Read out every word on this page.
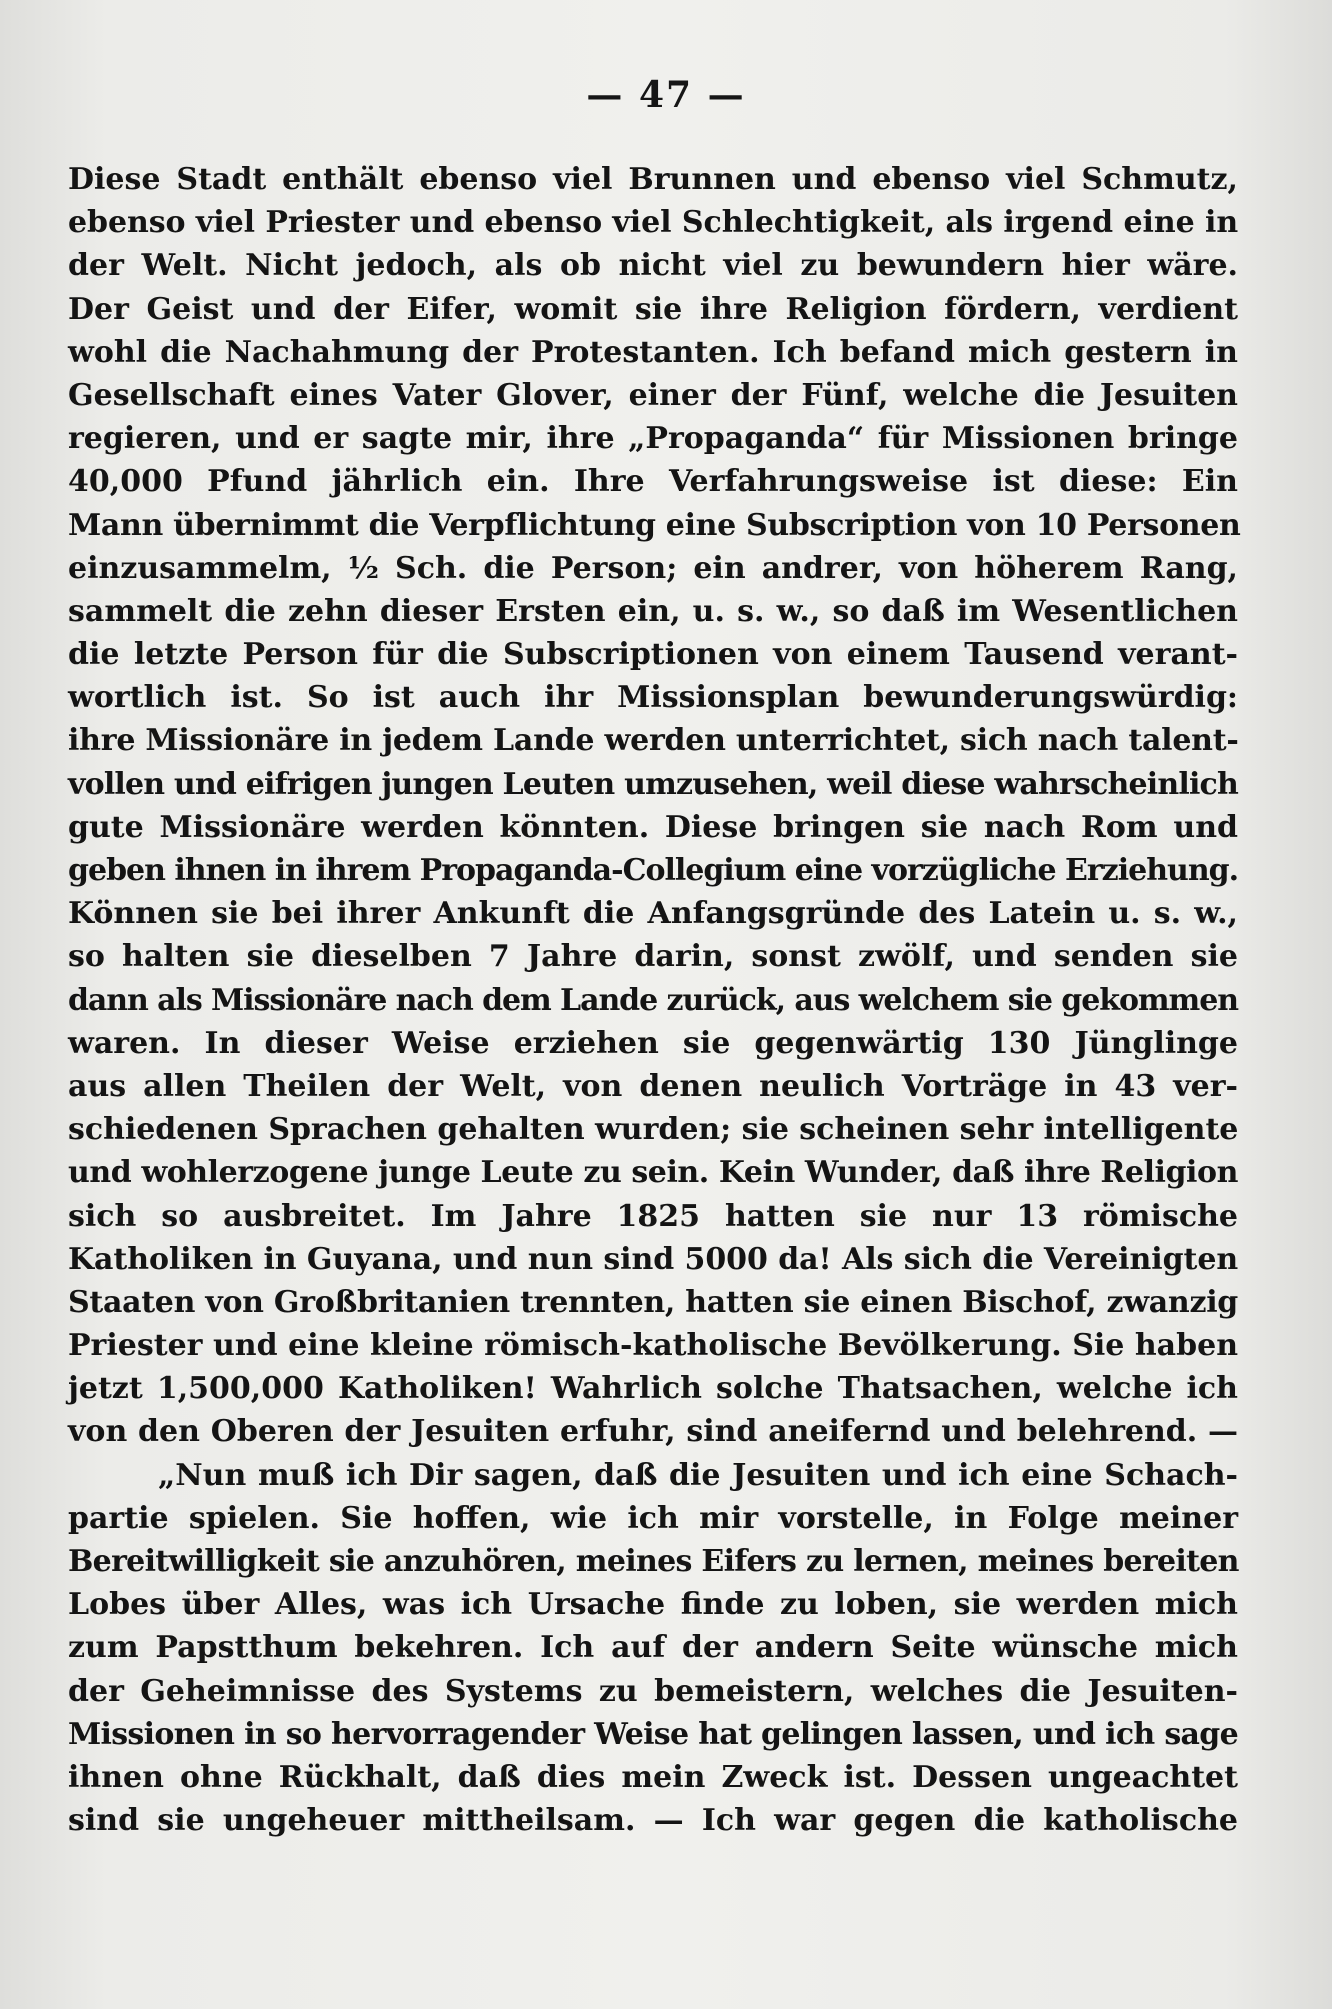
— 47 —
Diese Stadt enthält ebenso viel Brunnen und ebenso viel Schmutz,
ebenso viel Priester und ebenso viel Schlechtigkeit, als irgend eine in
der Welt. Nicht jedoch, als ob nicht viel zu bewundern hier wäre.
Der Geist und der Eifer, womit sie ihre Religion fördern, verdient
wohl die Nachahmung der Protestanten. Ich befand mich gestern in
Gesellschaft eines Vater Glover, einer der Fünf, welche die Jesuiten
regieren, und er sagte mir, ihre „Propaganda“ für Missionen bringe
40,000 Pfund jährlich ein. Ihre Verfahrungsweise ist diese: Ein
Mann übernimmt die Verpflichtung eine Subscription von 10 Personen
einzusammelm, ½ Sch. die Person; ein andrer, von höherem Rang,
sammelt die zehn dieser Ersten ein, u. s. w., so daß im Wesentlichen
die letzte Person für die Subscriptionen von einem Tausend verant-
wortlich ist. So ist auch ihr Missionsplan bewunderungswürdig:
ihre Missionäre in jedem Lande werden unterrichtet, sich nach talent-
vollen und eifrigen jungen Leuten umzusehen, weil diese wahrscheinlich
gute Missionäre werden könnten. Diese bringen sie nach Rom und
geben ihnen in ihrem Propaganda-Collegium eine vorzügliche Erziehung.
Können sie bei ihrer Ankunft die Anfangsgründe des Latein u. s. w.,
so halten sie dieselben 7 Jahre darin, sonst zwölf, und senden sie
dann als Missionäre nach dem Lande zurück, aus welchem sie gekommen
waren. In dieser Weise erziehen sie gegenwärtig 130 Jünglinge
aus allen Theilen der Welt, von denen neulich Vorträge in 43 ver-
schiedenen Sprachen gehalten wurden; sie scheinen sehr intelligente
und wohlerzogene junge Leute zu sein. Kein Wunder, daß ihre Religion
sich so ausbreitet. Im Jahre 1825 hatten sie nur 13 römische
Katholiken in Guyana, und nun sind 5000 da! Als sich die Vereinigten
Staaten von Großbritanien trennten, hatten sie einen Bischof, zwanzig
Priester und eine kleine römisch-katholische Bevölkerung. Sie haben
jetzt 1,500,000 Katholiken! Wahrlich solche Thatsachen, welche ich
von den Oberen der Jesuiten erfuhr, sind aneifernd und belehrend. —
„Nun muß ich Dir sagen, daß die Jesuiten und ich eine Schach-
partie spielen. Sie hoffen, wie ich mir vorstelle, in Folge meiner
Bereitwilligkeit sie anzuhören, meines Eifers zu lernen, meines bereiten
Lobes über Alles, was ich Ursache finde zu loben, sie werden mich
zum Papstthum bekehren. Ich auf der andern Seite wünsche mich
der Geheimnisse des Systems zu bemeistern, welches die Jesuiten-
Missionen in so hervorragender Weise hat gelingen lassen, und ich sage
ihnen ohne Rückhalt, daß dies mein Zweck ist. Dessen ungeachtet
sind sie ungeheuer mittheilsam. — Ich war gegen die katholische
